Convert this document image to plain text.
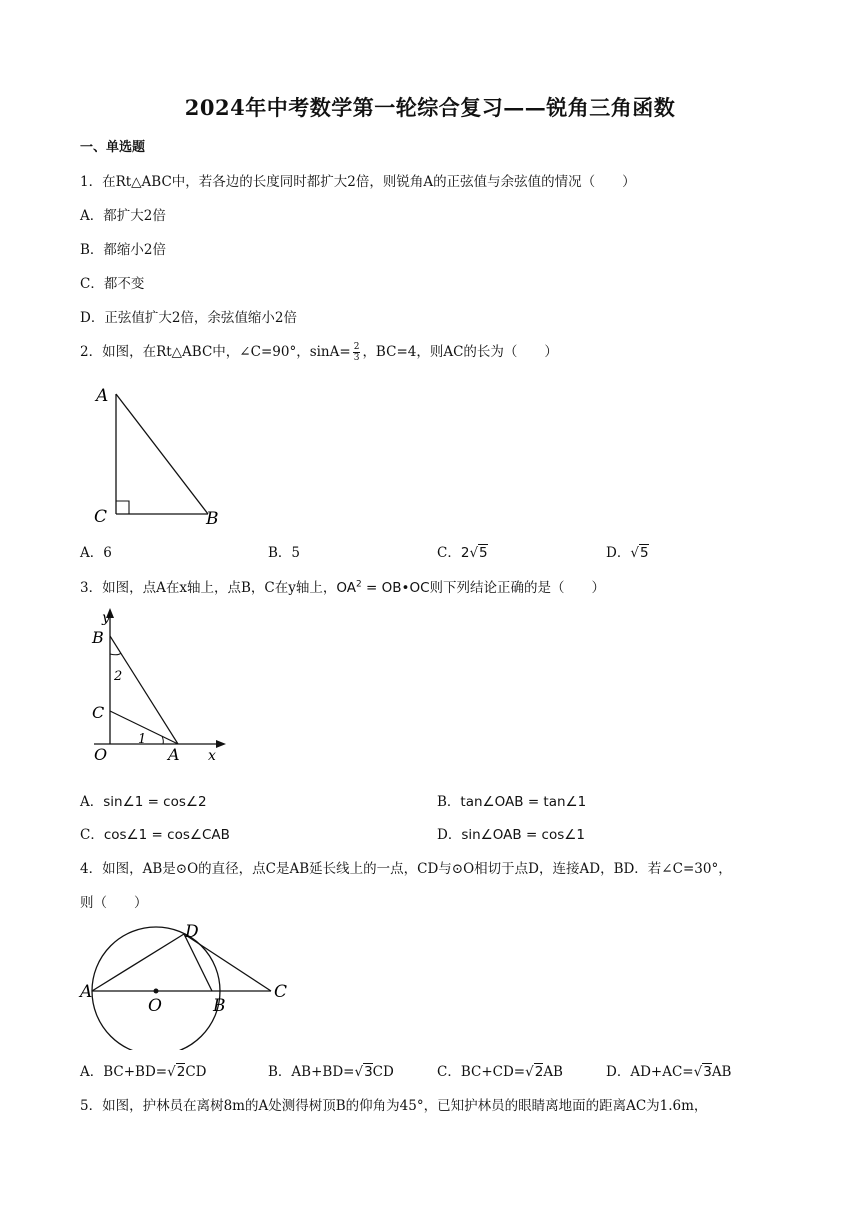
2024年中考数学第一轮综合复习——锐角三角函数
一、单选题
1．在Rt△ABC中，若各边的长度同时都扩大2倍，则锐角A的正弦值与余弦值的情况（　　）
A．都扩大2倍
B．都缩小2倍
C．都不变
D．正弦值扩大2倍，余弦值缩小2倍
2．如图，在Rt△ABC中，∠C=90°，$\sin A= \frac{2}{3}$ ，BC=4，则AC的长为（　　）
A
C	B
A．6	B．5	C．2√5	D．√5
3．如图，点A在x轴上，点B，C在y轴上，$OA^2$ = OB•OC则下列结论正确的是（　　）
y
B
2
C
1
O	A x
A．sin∠1 = cos∠2	B．tan∠OAB = tan∠1
C．cos∠1 = cos∠CAB	D．sin∠OAB = cos∠1
4．如图，AB是⊙O的直径，点C是AB延长线上的一点，CD与⊙O相切于点D，连接AD，BD．若∠C=30°，
则（　　）
D
A
O	B
C
A．BC+BD=√2CD	B．AB+BD=√3CD	C．BC+CD=√2AB	D．AD+AC=√3AB
5．如图，护林员在离树8m的A处测得树顶B的仰角为45°，已知护林员的眼睛离地面的距离AC为1.6m，
